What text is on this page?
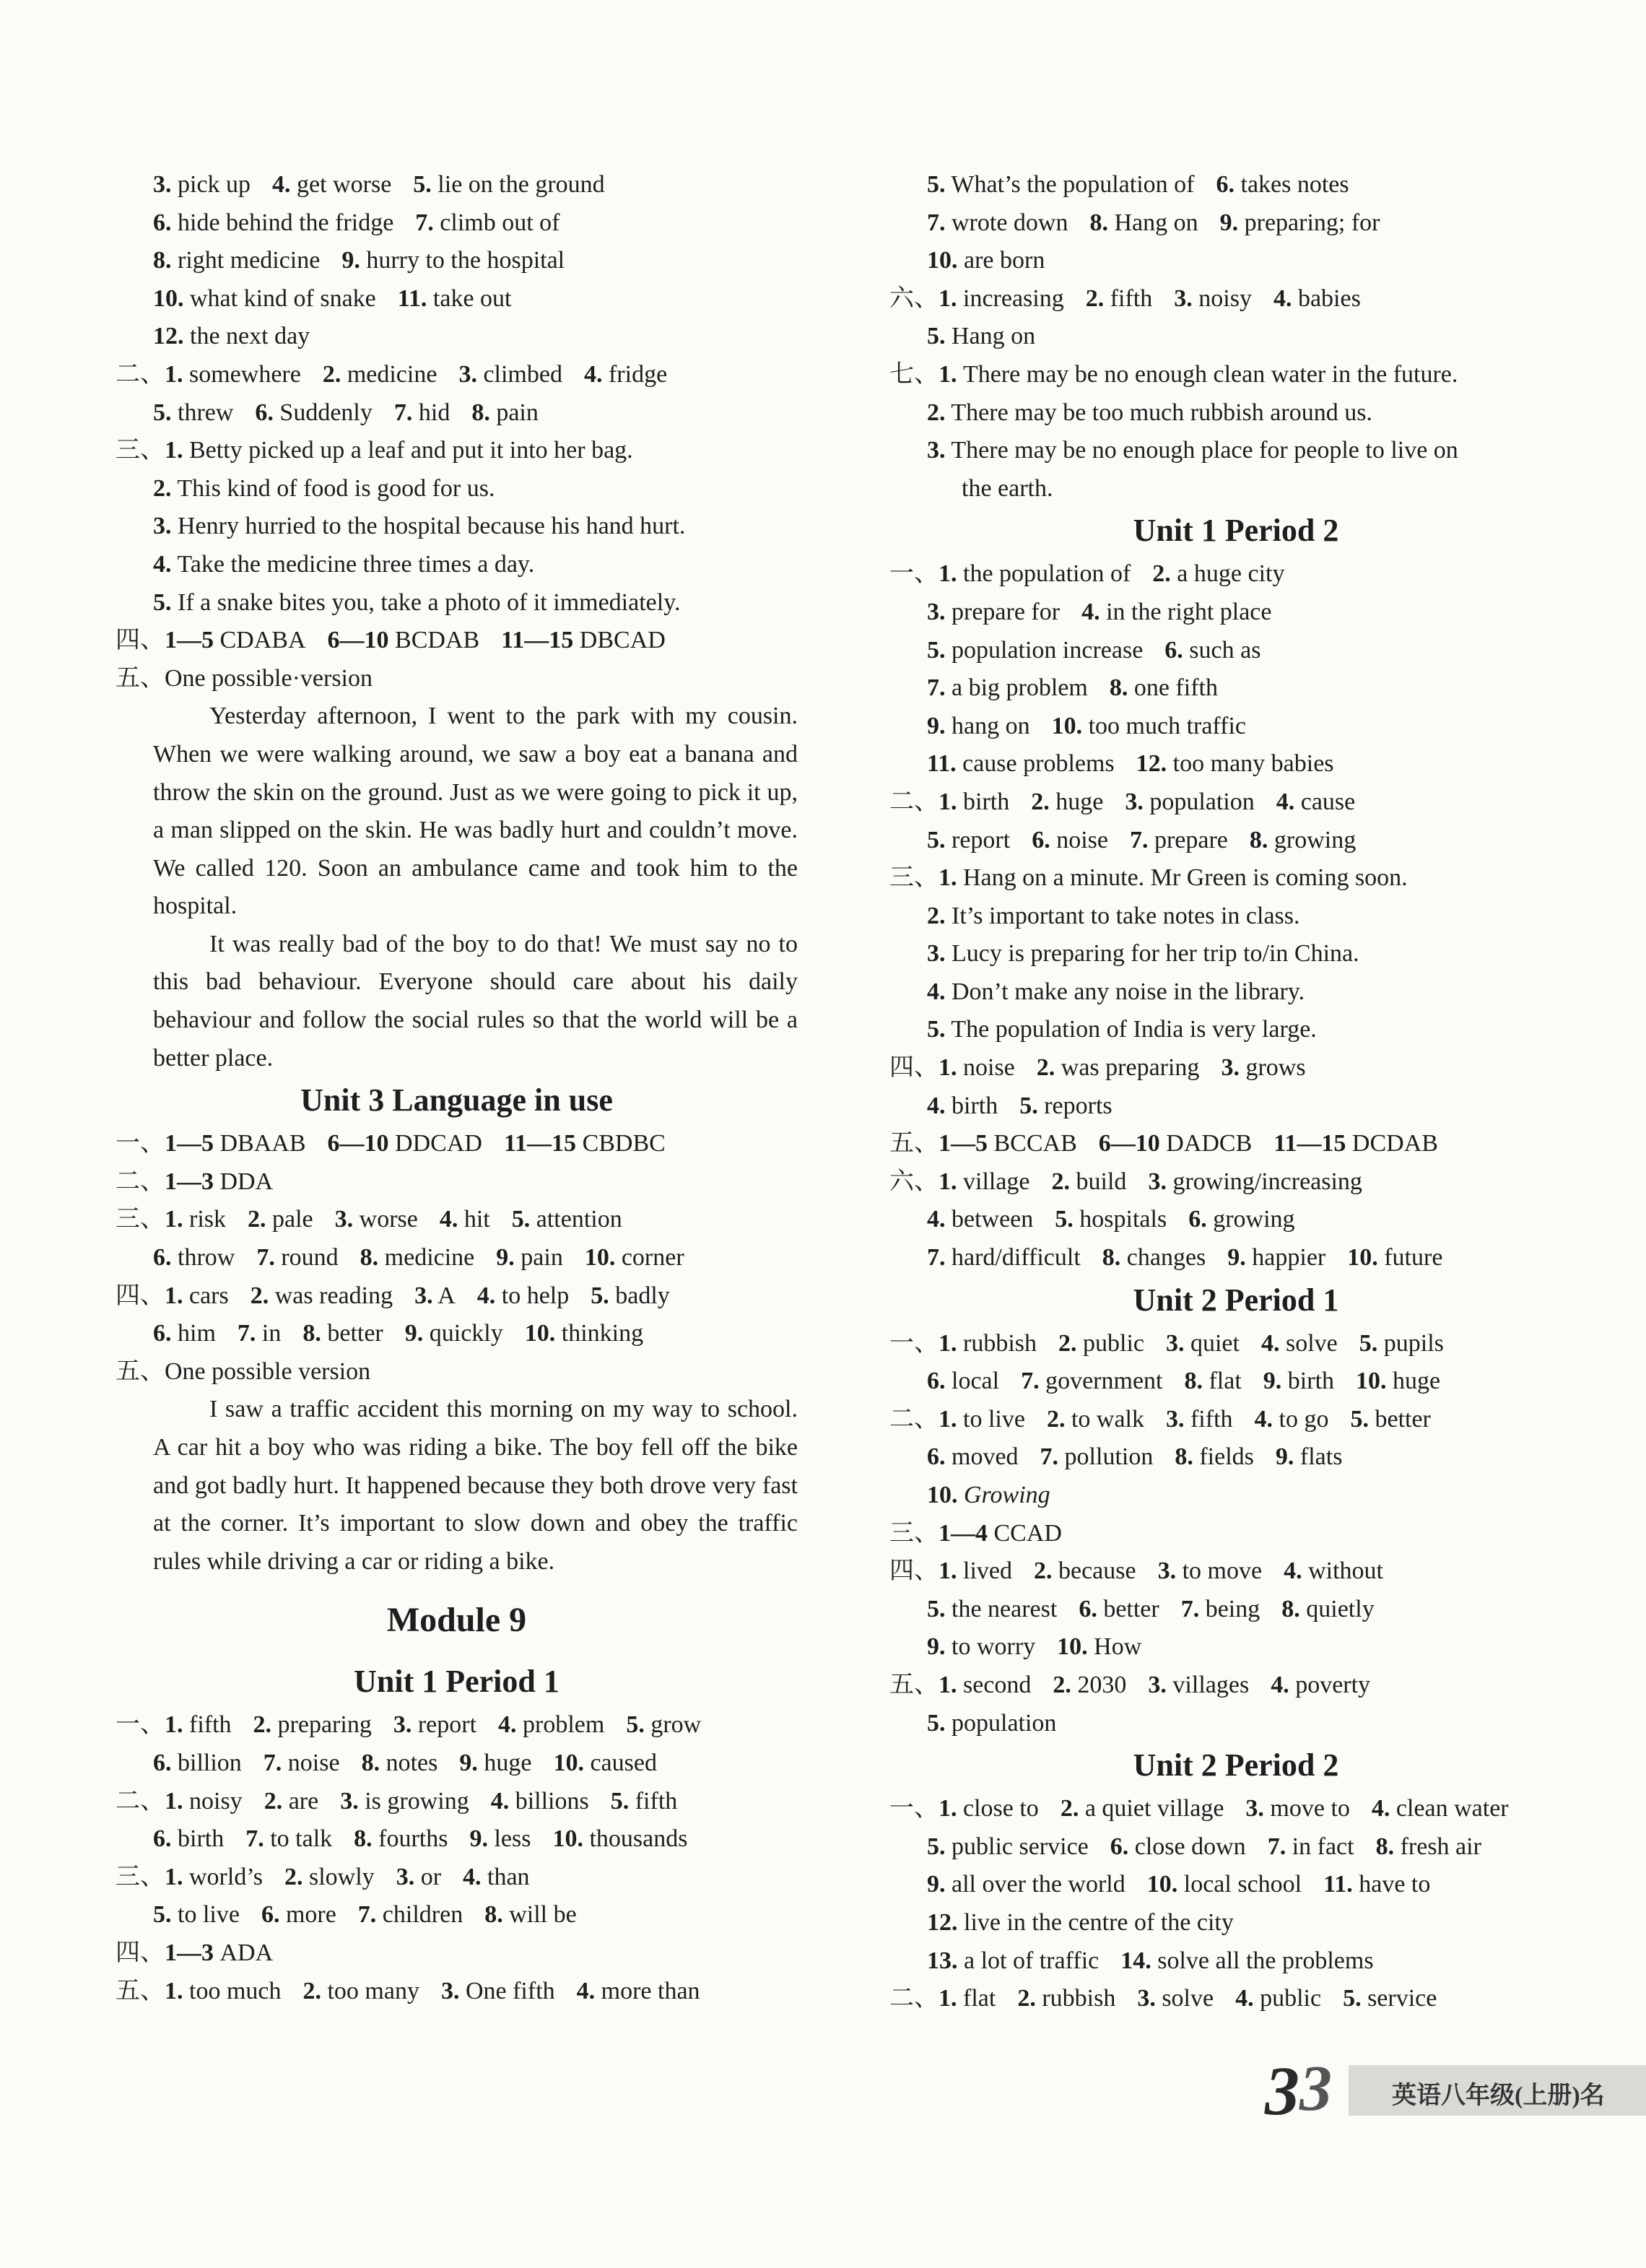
3. pick up 4. get worse 5. lie on the ground
6. hide behind the fridge 7. climb out of
8. right medicine 9. hurry to the hospital
10. what kind of snake 11. take out
12. the next day
二、1. somewhere 2. medicine 3. climbed 4. fridge
5. threw 6. Suddenly 7. hid 8. pain
三、1. Betty picked up a leaf and put it into her bag.
2. This kind of food is good for us.
3. Henry hurried to the hospital because his hand hurt.
4. Take the medicine three times a day.
5. If a snake bites you, take a photo of it immediately.
四、1—5 CDABA 6—10 BCDAB 11—15 DBCAD
五、One possible·version
Yesterday afternoon, I went to the park with my cousin. When we were walking around, we saw a boy eat a banana and throw the skin on the ground. Just as we were going to pick it up, a man slipped on the skin. He was badly hurt and couldn’t move. We called 120. Soon an ambulance came and took him to the hospital.
It was really bad of the boy to do that! We must say no to this bad behaviour. Everyone should care about his daily behaviour and follow the social rules so that the world will be a better place.
Unit 3 Language in use
一、1—5 DBAAB 6—10 DDCAD 11—15 CBDBC
二、1—3 DDA
三、1. risk 2. pale 3. worse 4. hit 5. attention
6. throw 7. round 8. medicine 9. pain 10. corner
四、1. cars 2. was reading 3. A 4. to help 5. badly
6. him 7. in 8. better 9. quickly 10. thinking
五、One possible version
I saw a traffic accident this morning on my way to school. A car hit a boy who was riding a bike. The boy fell off the bike and got badly hurt. It happened because they both drove very fast at the corner. It’s important to slow down and obey the traffic rules while driving a car or riding a bike.
Module 9
Unit 1 Period 1
一、1. fifth 2. preparing 3. report 4. problem 5. grow
6. billion 7. noise 8. notes 9. huge 10. caused
二、1. noisy 2. are 3. is growing 4. billions 5. fifth
6. birth 7. to talk 8. fourths 9. less 10. thousands
三、1. world’s 2. slowly 3. or 4. than
5. to live 6. more 7. children 8. will be
四、1—3 ADA
五、1. too much 2. too many 3. One fifth 4. more than
5. What’s the population of 6. takes notes
7. wrote down 8. Hang on 9. preparing; for
10. are born
六、1. increasing 2. fifth 3. noisy 4. babies
5. Hang on
七、1. There may be no enough clean water in the future.
2. There may be too much rubbish around us.
3. There may be no enough place for people to live on
the earth.
Unit 1 Period 2
一、1. the population of 2. a huge city
3. prepare for 4. in the right place
5. population increase 6. such as
7. a big problem 8. one fifth
9. hang on 10. too much traffic
11. cause problems 12. too many babies
二、1. birth 2. huge 3. population 4. cause
5. report 6. noise 7. prepare 8. growing
三、1. Hang on a minute. Mr Green is coming soon.
2. It’s important to take notes in class.
3. Lucy is preparing for her trip to/in China.
4. Don’t make any noise in the library.
5. The population of India is very large.
四、1. noise 2. was preparing 3. grows
4. birth 5. reports
五、1—5 BCCAB 6—10 DADCB 11—15 DCDAB
六、1. village 2. build 3. growing/increasing
4. between 5. hospitals 6. growing
7. hard/difficult 8. changes 9. happier 10. future
Unit 2 Period 1
一、1. rubbish 2. public 3. quiet 4. solve 5. pupils
6. local 7. government 8. flat 9. birth 10. huge
二、1. to live 2. to walk 3. fifth 4. to go 5. better
6. moved 7. pollution 8. fields 9. flats
10. Growing
三、1—4 CCAD
四、1. lived 2. because 3. to move 4. without
5. the nearest 6. better 7. being 8. quietly
9. to worry 10. How
五、1. second 2. 2030 3. villages 4. poverty
5. population
Unit 2 Period 2
一、1. close to 2. a quiet village 3. move to 4. clean water
5. public service 6. close down 7. in fact 8. fresh air
9. all over the world 10. local school 11. have to
12. live in the centre of the city
13. a lot of traffic 14. solve all the problems
二、1. flat 2. rubbish 3. solve 4. public 5. service
3 3 英语八年级(上册)名
